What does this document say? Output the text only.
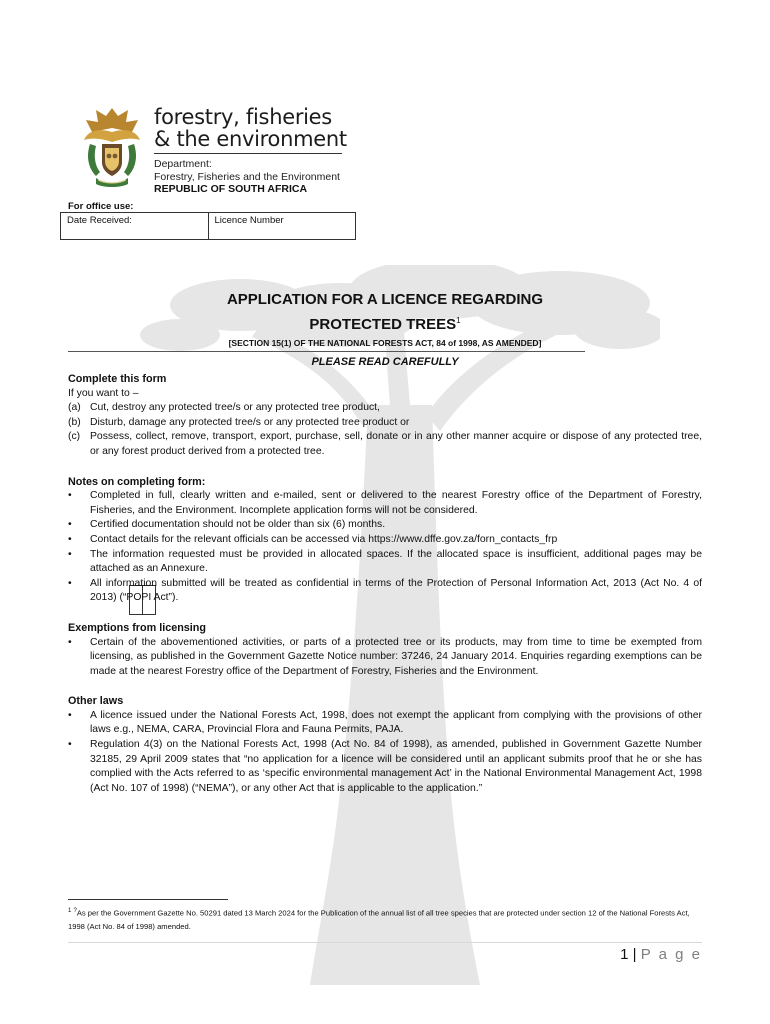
forestry, fisheries
& the environment
Department:
Forestry, Fisheries and the Environment
REPUBLIC OF SOUTH AFRICA
For office use:
Date Received:	Licence Number

APPLICATION FOR A LICENCE REGARDING
PROTECTED TREES$^1$
[SECTION 15(1) OF THE NATIONAL FORESTS ACT, 84 of 1998, AS AMENDED]
PLEASE READ CAREFULLY

Complete this form

If you want to –

(a) Cut, destroy any protected tree/s or any protected tree product,
(b) Disturb, damage any protected tree/s or any protected tree product or
(c) Possess, collect, remove, transport, export, purchase, sell, donate or in any other manner acquire or dispose of any protected tree, or any forest product derived from a protected tree.

Notes on completing form:

• Completed in full, clearly written and e-mailed, sent or delivered to the nearest Forestry office of the Department of Forestry, Fisheries, and the Environment. Incomplete application forms will not be considered.
• Certified documentation should not be older than six (6) months.
• Contact details for the relevant officials can be accessed via https://www.dffe.gov.za/forn_contacts_frp
• The information requested must be provided in allocated spaces. If the allocated space is insufficient, additional pages may be attached as an Annexure.
• All information submitted will be treated as confidential in terms of the Protection of Personal Information Act, 2013 (Act No. 4 of 2013) (“POPI Act”).

Exemptions from licensing

• Certain of the abovementioned activities, or parts of a protected tree or its products, may from time to time be exempted from licensing, as published in the Government Gazette Notice number: 37246, 24 January 2014. Enquiries regarding exemptions can be made at the nearest Forestry office of the Department of Forestry, Fisheries and the Environment.

Other laws

• A licence issued under the National Forests Act, 1998, does not exempt the applicant from complying with the provisions of other laws e.g., NEMA, CARA, Provincial Flora and Fauna Permits, PAJA.
• Regulation 4(3) on the National Forests Act, 1998 (Act No. 84 of 1998), as amended, published in Government Gazette Number 32185, 29 April 2009 states that “no application for a licence will be considered until an applicant submits proof that he or she has complied with the Acts referred to as ‘specific environmental management Act’ in the National Environmental Management Act, 1998 (Act No. 107 of 1998) (“NEMA”), or any other Act that is applicable to the application.”
$^1$ ?As per the Government Gazette No. 50291 dated 13 March 2024 for the Publication of the annual list of all tree species that are protected under section 12 of the National Forests Act, 1998 (Act No. 84 of 1998) amended.
1 | P a g e
